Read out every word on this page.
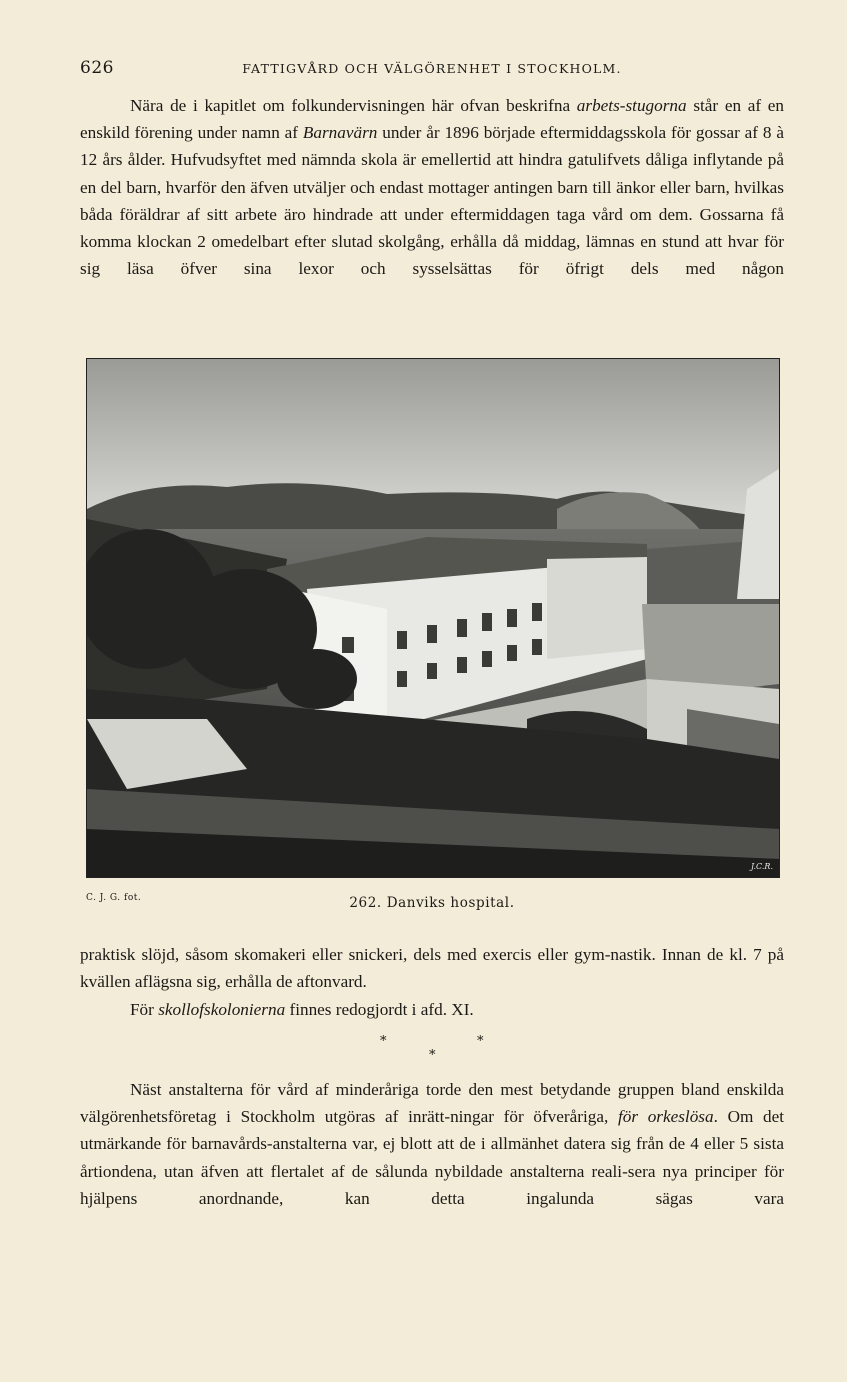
626	FATTIGVÅRD OCH VÄLGÖRENHET I STOCKHOLM.

Nära de i kapitlet om folkundervisningen här ofvan beskrifna arbets-stugorna står en af en enskild förening under namn af Barnavärn under år 1896 började eftermiddagsskola för gossar af 8 à 12 års ålder. Hufvudsyftet med nämnda skola är emellertid att hindra gatulifvets dåliga inflytande på en del barn, hvarför den äfven utväljer och endast mottager antingen barn till änkor eller barn, hvilkas båda föräldrar af sitt arbete äro hindrade att under eftermiddagen taga vård om dem. Gossarna få komma klockan 2 omedelbart efter slutad skolgång, erhålla då middag, lämnas en stund att hvar för sig läsa öfver sina lexor och sysselsättas för öfrigt dels med någon

J.C.R.
C. J. G. fot.	262. Danviks hospital.

praktisk slöjd, såsom skomakeri eller snickeri, dels med exercis eller gym-nastik. Innan de kl. 7 på kvällen aflägsna sig, erhålla de aftonvard.

För skollofskolonierna finnes redogjordt i afd. XI.

*	*
*

Näst anstalterna för vård af minderåriga torde den mest betydande gruppen bland enskilda välgörenhetsföretag i Stockholm utgöras af inrätt-ningar för öfveråriga, för orkeslösa. Om det utmärkande för barnavårds-anstalterna var, ej blott att de i allmänhet datera sig från de 4 eller 5 sista årtiondena, utan äfven att flertalet af de sålunda nybildade anstalterna reali-sera nya principer för hjälpens anordnande, kan detta ingalunda sägas vara
